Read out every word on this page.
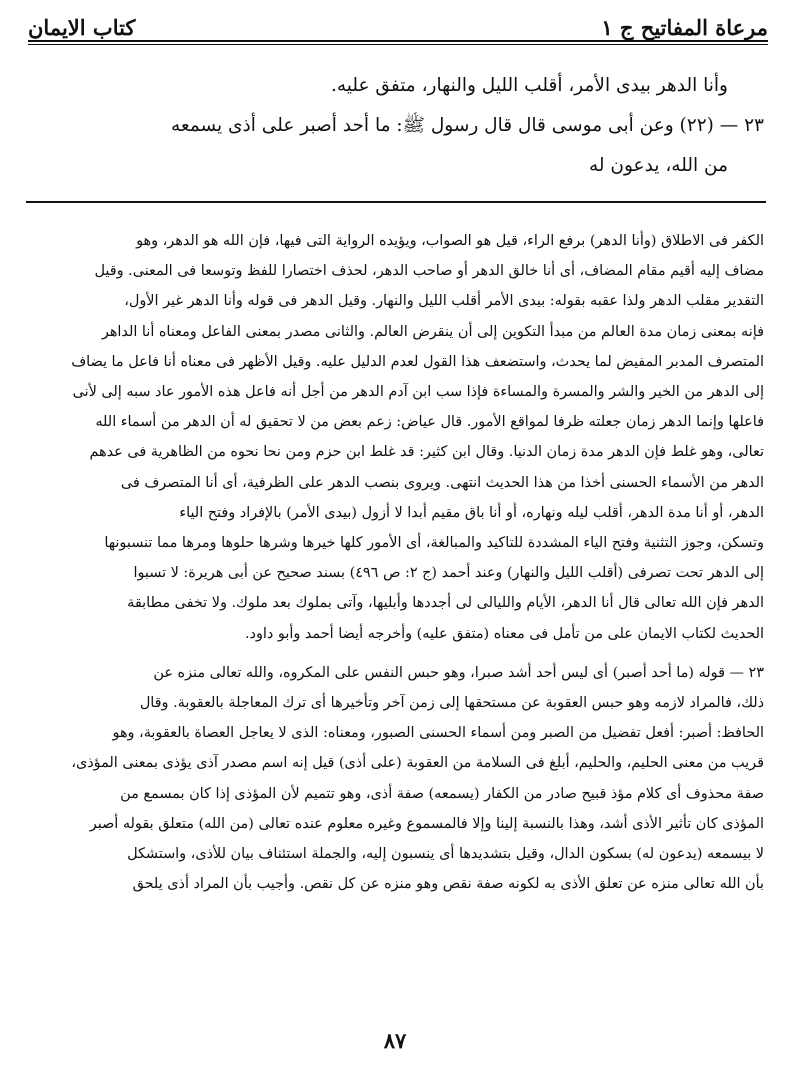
مرعاة المفاتيح ج ١
كتاب الايمان

وأنا الدهر بيدى الأمر، أقلب الليل والنهار، متفق عليه.

٢٣ — (٢٢) وعن أبى موسى قال قال رسول ﷺ: ما أحد أصبر على أذى يسمعه

من الله، يدعون له

الكفر فى الاطلاق (وأنا الدهر) برفع الراء، قيل هو الصواب، ويؤيده الرواية التى فيها، فإن الله هو الدهر، وهو

مضاف إليه أقيم مقام المضاف، أى أنا خالق الدهر أو صاحب الدهر، لحذف اختصارا للفظ وتوسعا فى المعنى. وقيل

التقدير مقلب الدهر ولذا عقبه بقوله: بيدى الأمر أقلب الليل والنهار. وقيل الدهر فى قوله وأنا الدهر غير الأول،

فإنه بمعنى زمان مدة العالم من مبدأ التكوين إلى أن ينقرض العالم. والثانى مصدر بمعنى الفاعل ومعناه أنا الداهر

المتصرف المدبر المفيض لما يحدث، واستضعف هذا القول لعدم الدليل عليه. وقيل الأظهر فى معناه أنا فاعل ما يضاف

إلى الدهر من الخير والشر والمسرة والمساءة فإذا سب ابن آدم الدهر من أجل أنه فاعل هذه الأمور عاد سبه إلى لأنى

فاعلها وإنما الدهر زمان جعلته ظرفا لمواقع الأمور. قال عياض: زعم بعض من لا تحقيق له أن الدهر من أسماء الله

تعالى، وهو غلط فإن الدهر مدة زمان الدنيا. وقال ابن كثير: قد غلط ابن حزم ومن نحا نحوه من الظاهرية فى عدهم

الدهر من الأسماء الحسنى أخذا من هذا الحديث انتهى. ويروى بنصب الدهر على الظرفية، أى أنا المتصرف فى

الدهر، أو أنا مدة الدهر، أقلب ليله ونهاره، أو أنا باق مقيم أبدا لا أزول (بيدى الأمر) بالإفراد وفتح الياء

وتسكن، وجوز التثنية وفتح الياء المشددة للتاكيد والمبالغة، أى الأمور كلها خيرها وشرها حلوها ومرها مما تنسبونها

إلى الدهر تحت تصرفى (أقلب الليل والنهار) وعند أحمد (ج ٢: ص ٤٩٦) بسند صحيح عن أبى هريرة: لا تسبوا

الدهر فإن الله تعالى قال أنا الدهر، الأيام والليالى لى أجددها وأبليها، وآتى بملوك بعد ملوك. ولا تخفى مطابقة

الحديث لكتاب الايمان على من تأمل فى معناه (متفق عليه) وأخرجه أيضا أحمد وأبو داود.

٢٣ — قوله (ما أحد أصبر) أى ليس أحد أشد صبرا، وهو حبس النفس على المكروه، والله تعالى منزه عن

ذلك، فالمراد لازمه وهو حبس العقوبة عن مستحقها إلى زمن آخر وتأخيرها أى ترك المعاجلة بالعقوبة. وقال

الحافظ: أصبر: أفعل تفضيل من الصبر ومن أسماء الحسنى الصبور، ومعناه: الذى لا يعاجل العصاة بالعقوبة، وهو

قريب من معنى الحليم، والحليم، أبلغ فى السلامة من العقوبة (على أذى) قيل إنه اسم مصدر آذى يؤذى بمعنى المؤذى،

صفة محذوف أى كلام مؤذ قبيح صادر من الكفار (يسمعه) صفة أذى، وهو تتميم لأن المؤذى إذا كان بمسمع من

المؤذى كان تأثير الأذى أشد، وهذا بالنسبة إلينا وإلا فالمسموع وغيره معلوم عنده تعالى (من الله) متعلق بقوله أصبر

لا بيسمعه (يدعون له) بسكون الدال، وقيل بتشديدها أى ينسبون إليه، والجملة استئناف بيان للأذى، واستشكل

بأن الله تعالى منزه عن تعلق الأذى به لكونه صفة نقص وهو منزه عن كل نقص. وأجيب بأن المراد أذى يلحق

٨٧
